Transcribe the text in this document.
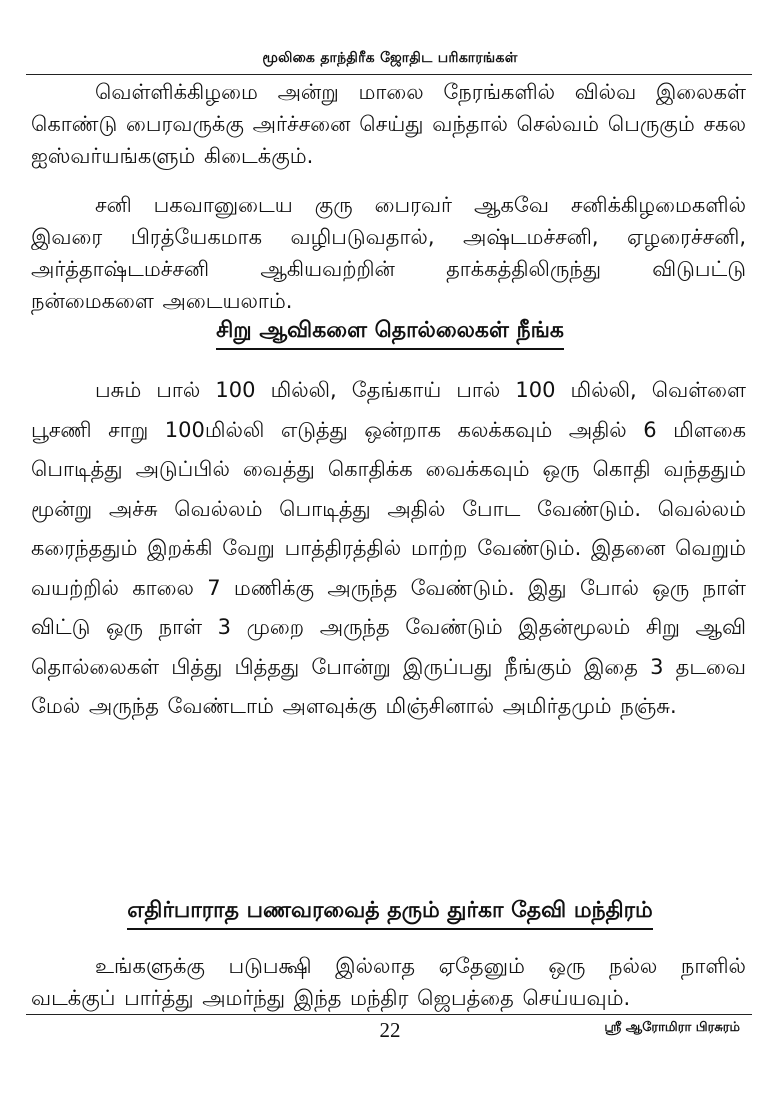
மூலிகை தாந்திரீக ஜோதிட பரிகாரங்கள்

வெள்ளிக்கிழமை அன்று மாலை நேரங்களில் வில்வ இலைகள் கொண்டு பைரவருக்கு அர்ச்சனை செய்து வந்தால் செல்வம் பெருகும் சகல ஐஸ்வர்யங்களும் கிடைக்கும்.

சனி பகவானுடைய குரு பைரவர் ஆகவே சனிக்கிழமைகளில் இவரை பிரத்யேகமாக வழிபடுவதால், அஷ்டமச்சனி, ஏழரைச்சனி, அர்த்தாஷ்டமச்சனி ஆகியவற்றின் தாக்கத்திலிருந்து விடுபட்டு நன்மைகளை அடையலாம்.

சிறு ஆவிகளை தொல்லைகள் நீங்க

பசும் பால் 100 மில்லி, தேங்காய் பால் 100 மில்லி, வெள்ளை பூசணி சாறு 100மில்லி எடுத்து ஒன்றாக கலக்கவும் அதில் 6 மிளகை பொடித்து அடுப்பில் வைத்து கொதிக்க வைக்கவும் ஒரு கொதி வந்ததும் மூன்று அச்சு வெல்லம் பொடித்து அதில் போட வேண்டும். வெல்லம் கரைந்ததும் இறக்கி வேறு பாத்திரத்தில் மாற்ற வேண்டும். இதனை வெறும் வயற்றில் காலை 7 மணிக்கு அருந்த வேண்டும். இது போல் ஒரு நாள் விட்டு ஒரு நாள் 3 முறை அருந்த வேண்டும் இதன்மூலம் சிறு ஆவி தொல்லைகள் பித்து பித்தது போன்று இருப்பது நீங்கும் இதை 3 தடவை மேல் அருந்த வேண்டாம் அளவுக்கு மிஞ்சினால் அமிர்தமும் நஞ்சு.

எதிர்பாராத பணவரவைத் தரும் துர்கா தேவி மந்திரம்

உங்களுக்கு படுபக்ஷி இல்லாத ஏதேனும் ஒரு நல்ல நாளில் வடக்குப் பார்த்து அமர்ந்து இந்த மந்திர ஜெபத்தை செய்யவும்.

22	ஸ்ரீ ஆரோமிரா பிரசுரம்
